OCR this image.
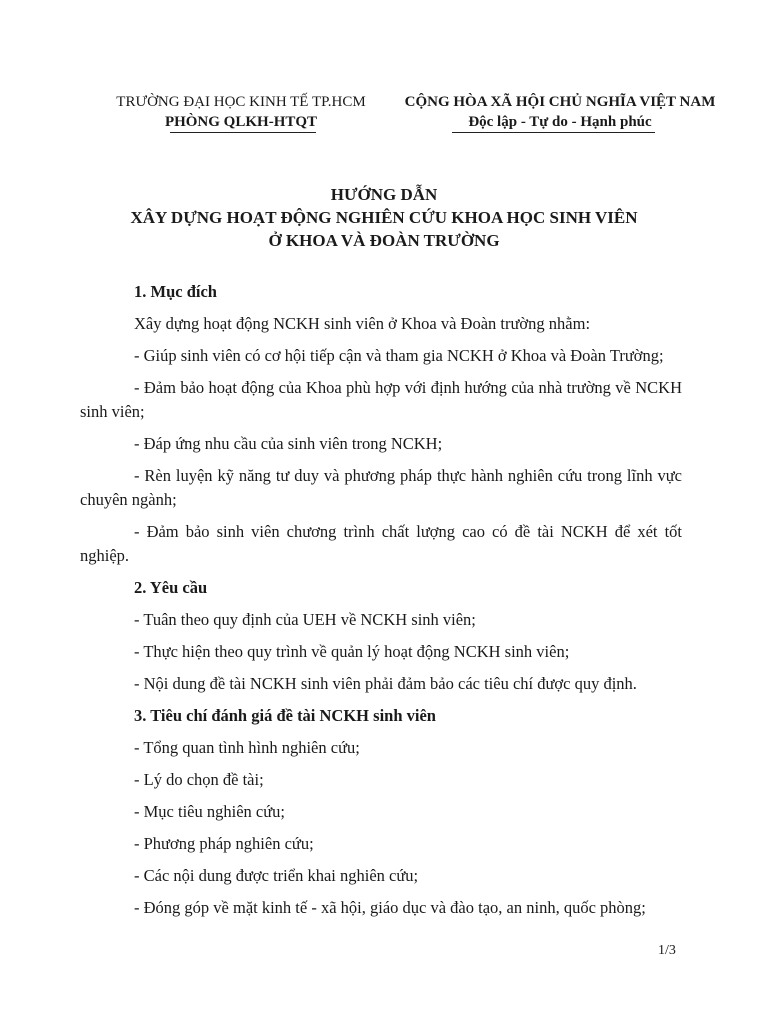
TRƯỜNG ĐẠI HỌC KINH TẾ TP.HCM
PHÒNG QLKH-HTQT
CỘNG HÒA XÃ HỘI CHỦ NGHĨA VIỆT NAM
Độc lập - Tự do - Hạnh phúc
HƯỚNG DẪN
XÂY DỰNG HOẠT ĐỘNG NGHIÊN CỨU KHOA HỌC SINH VIÊN
Ở KHOA VÀ ĐOÀN TRƯỜNG
1. Mục đích
Xây dựng hoạt động NCKH sinh viên ở Khoa và Đoàn trường nhằm:
- Giúp sinh viên có cơ hội tiếp cận và tham gia NCKH ở Khoa và Đoàn Trường;
- Đảm bảo hoạt động của Khoa phù hợp với định hướng của nhà trường về NCKH sinh viên;
- Đáp ứng nhu cầu của sinh viên trong NCKH;
- Rèn luyện kỹ năng tư duy và phương pháp thực hành nghiên cứu trong lĩnh vực chuyên ngành;
- Đảm bảo sinh viên chương trình chất lượng cao có đề tài NCKH để xét tốt nghiệp.
2. Yêu cầu
- Tuân theo quy định của UEH về NCKH sinh viên;
- Thực hiện theo quy trình về quản lý hoạt động NCKH sinh viên;
- Nội dung đề tài NCKH sinh viên phải đảm bảo các tiêu chí được quy định.
3. Tiêu chí đánh giá đề tài NCKH sinh viên
- Tổng quan tình hình nghiên cứu;
- Lý do chọn đề tài;
- Mục tiêu nghiên cứu;
- Phương pháp nghiên cứu;
- Các nội dung được triển khai nghiên cứu;
- Đóng góp về mặt kinh tế - xã hội, giáo dục và đào tạo, an ninh, quốc phòng;
1/3
